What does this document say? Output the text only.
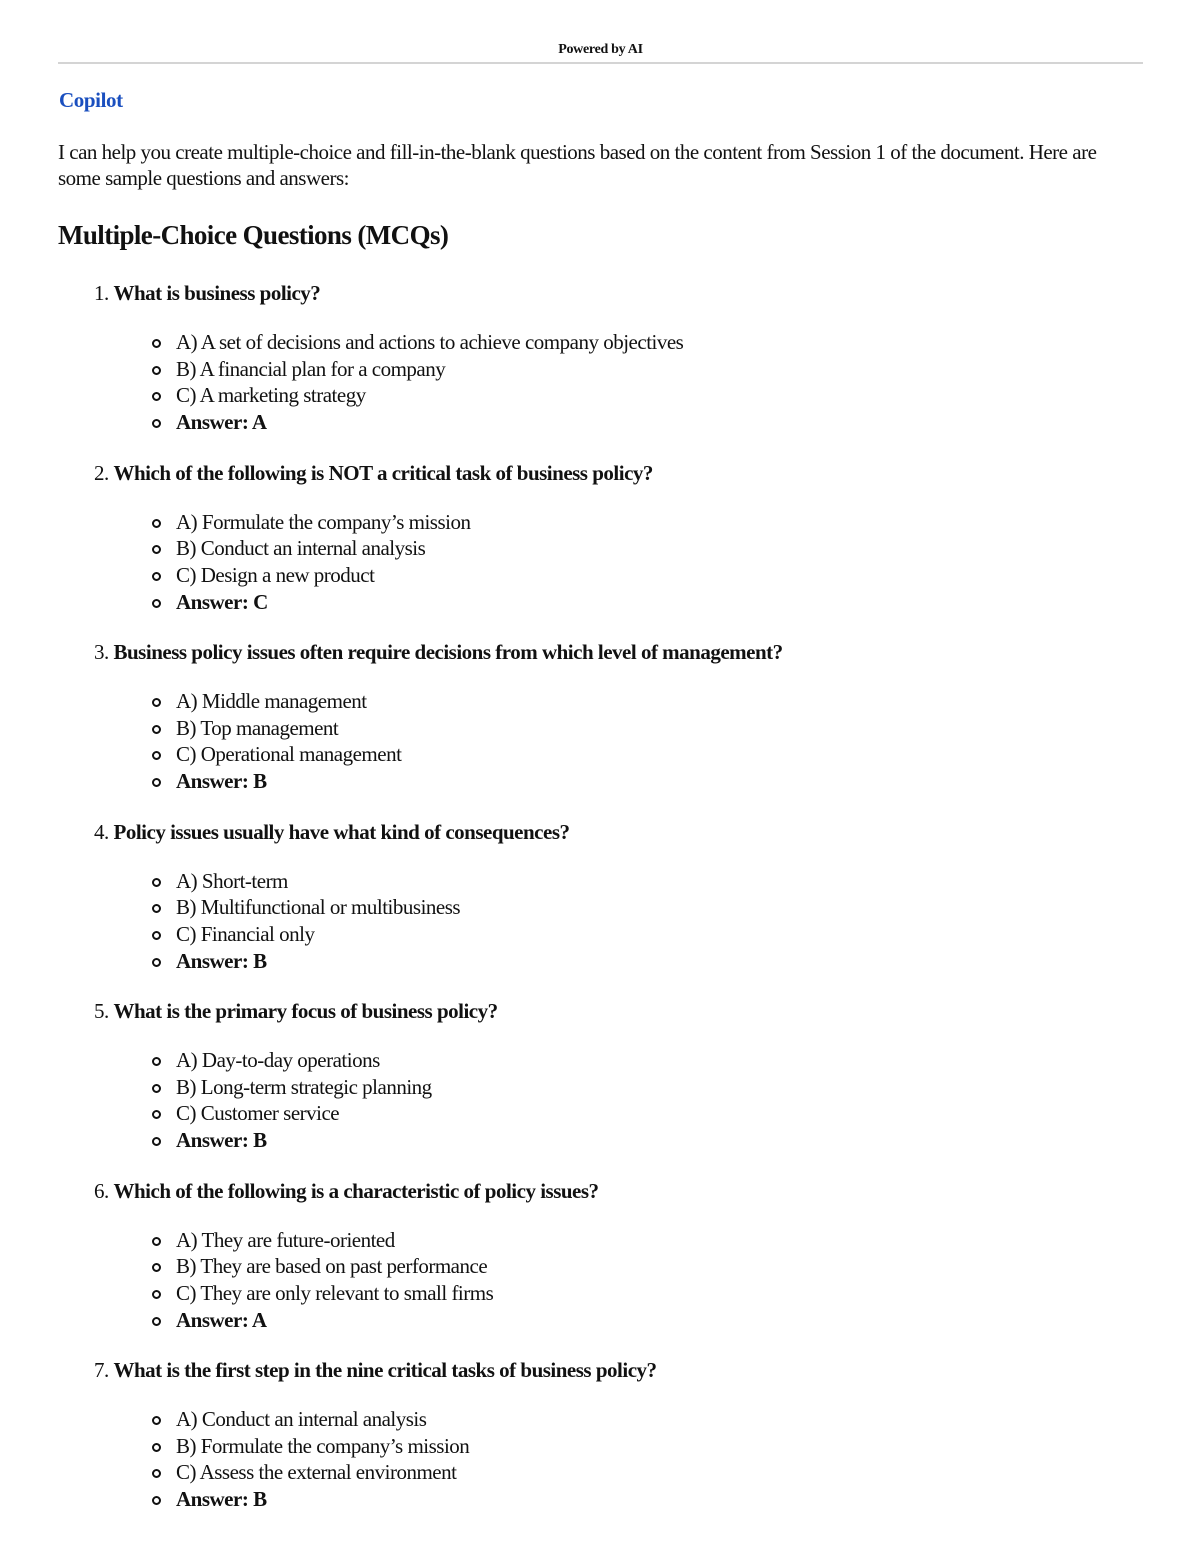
Powered by AI
Copilot
I can help you create multiple-choice and fill-in-the-blank questions based on the content from Session 1 of the document. Here are some sample questions and answers:
Multiple-Choice Questions (MCQs)
1. What is business policy?
A) A set of decisions and actions to achieve company objectives
B) A financial plan for a company
C) A marketing strategy
Answer: A
2. Which of the following is NOT a critical task of business policy?
A) Formulate the company’s mission
B) Conduct an internal analysis
C) Design a new product
Answer: C
3. Business policy issues often require decisions from which level of management?
A) Middle management
B) Top management
C) Operational management
Answer: B
4. Policy issues usually have what kind of consequences?
A) Short-term
B) Multifunctional or multibusiness
C) Financial only
Answer: B
5. What is the primary focus of business policy?
A) Day-to-day operations
B) Long-term strategic planning
C) Customer service
Answer: B
6. Which of the following is a characteristic of policy issues?
A) They are future-oriented
B) They are based on past performance
C) They are only relevant to small firms
Answer: A
7. What is the first step in the nine critical tasks of business policy?
A) Conduct an internal analysis
B) Formulate the company’s mission
C) Assess the external environment
Answer: B
